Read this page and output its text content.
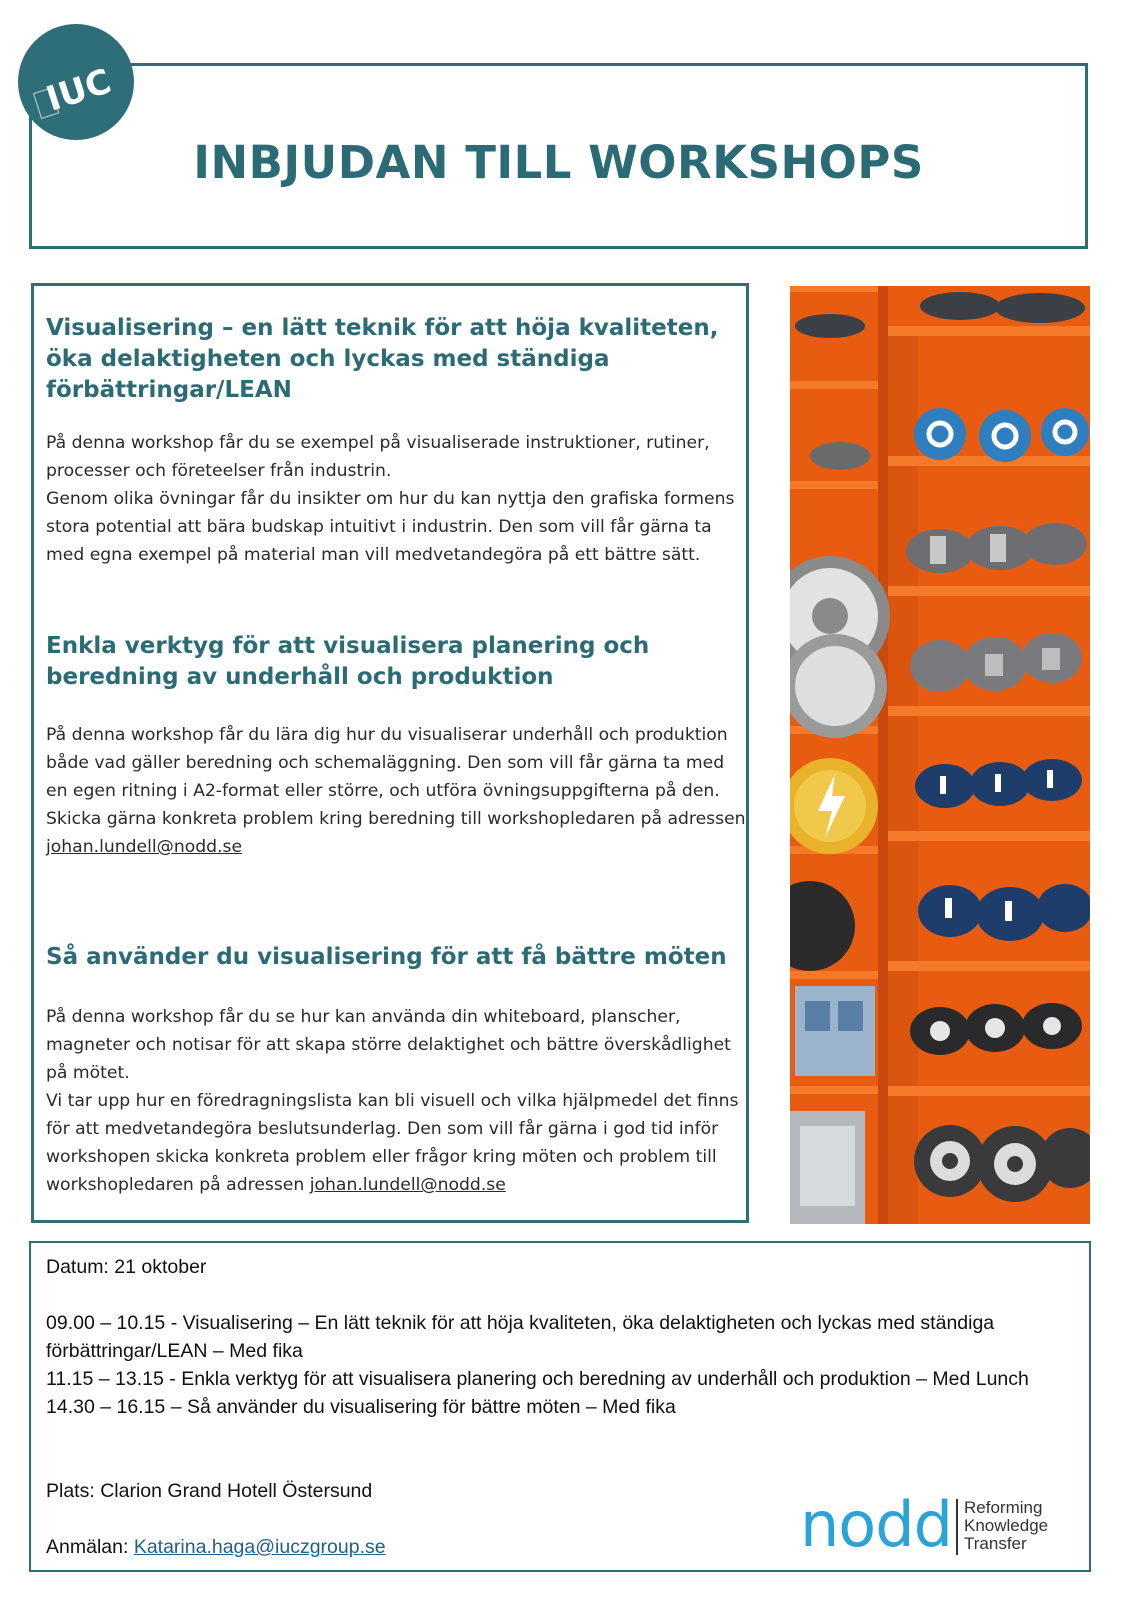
INBJUDAN TILL WORKSHOPS
IUC
Visualisering – en lätt teknik för att höja kvaliteten, öka delaktigheten och lyckas med ständiga förbättringar/LEAN

På denna workshop får du se exempel på visualiserade instruktioner, rutiner, processer och företeelser från industrin.

Genom olika övningar får du insikter om hur du kan nyttja den grafiska formens stora potential att bära budskap intuitivt i industrin. Den som vill får gärna ta med egna exempel på material man vill medvetandegöra på ett bättre sätt.

Enkla verktyg för att visualisera planering och beredning av underhåll och produktion

På denna workshop får du lära dig hur du visualiserar underhåll och produktion både vad gäller beredning och schemaläggning. Den som vill får gärna ta med en egen ritning i A2-format eller större, och utföra övningsuppgifterna på den.

Skicka gärna konkreta problem kring beredning till workshopledaren på adressen johan.lundell@nodd.se

Så använder du visualisering för att få bättre möten

På denna workshop får du se hur kan använda din whiteboard, planscher, magneter och notisar för att skapa större delaktighet och bättre överskådlighet på mötet.

Vi tar upp hur en föredragningslista kan bli visuell och vilka hjälpmedel det finns för att medvetandegöra beslutsunderlag. Den som vill får gärna i god tid inför workshopen skicka konkreta problem eller frågor kring möten och problem till workshopledaren på adressen johan.lundell@nodd.se

Datum: 21 oktober

09.00 – 10.15 - Visualisering – En lätt teknik för att höja kvaliteten, öka delaktigheten och lyckas med ständiga förbättringar/LEAN – Med fika

11.15 – 13.15 - Enkla verktyg för att visualisera planering och beredning av underhåll och produktion – Med Lunch

14.30 – 16.15 – Så använder du visualisering för bättre möten – Med fika

Plats: Clarion Grand Hotell Östersund

Anmälan: Katarina.haga@iuczgroup.se	nodd Reforming
Knowledge
Transfer
